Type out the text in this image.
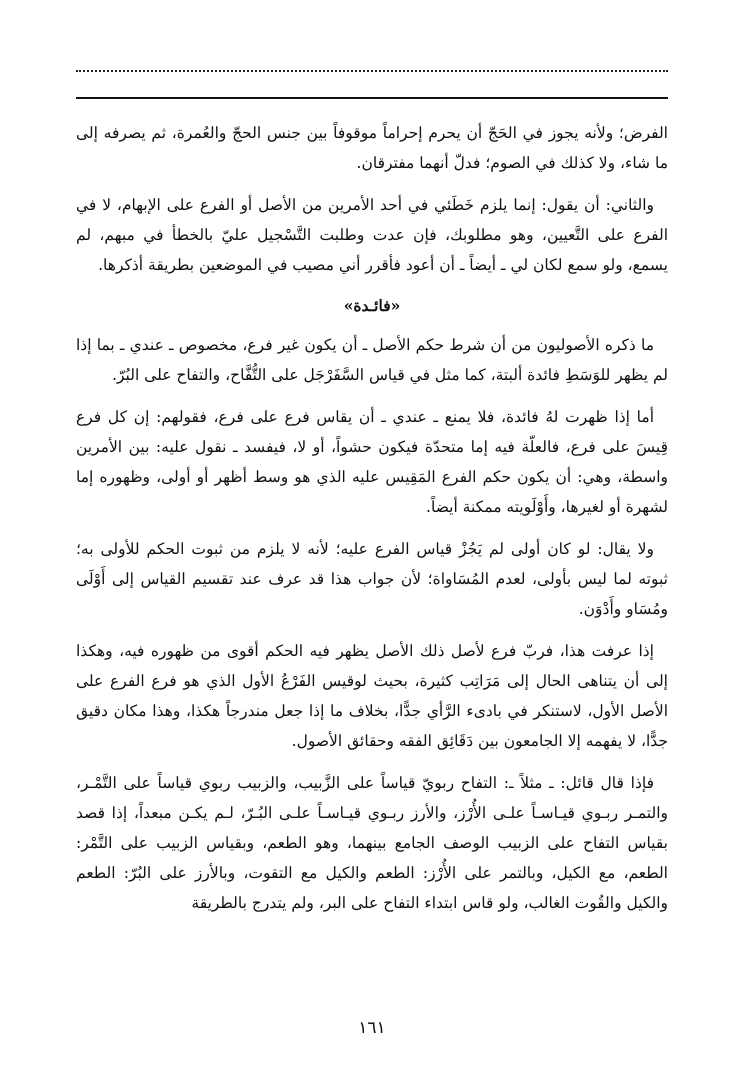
الفرض؛ ولأنه يجوز في الحَجّ أن يحرم إحراماً موقوفاً بين جنس الحجّ والعُمرة، ثم يصرفه إلى ما شاء، ولا كذلك في الصوم؛ فدلّ أنهما مفترقان.

والثاني: أن يقول: إنما يلزم خَطَئي في أحد الأمرين من الأصل أو الفرع على الإبهام، لا في الفرع على التَّعيين، وهو مطلوبك، فإن عدت وطلبت التَّسْجيل عليّ بالخطأ في مبهم، لم يسمع، ولو سمع لكان لي ـ أيضاً ـ أن أعود فأقرر أني مصيب في الموضعين بطريقة أذكرها.

«فائـدة»

ما ذكره الأصوليون من أن شرط حكم الأصل ـ أن يكون غير فرع، مخصوص ـ عندي ـ بما إذا لم يظهر للوَسَطِ فائدة ألبتة، كما مثل في قياس السَّفَرْجَل على التُّفَّاح، والتفاح على البُرّ.

أما إذا ظهرت لهُ فائدة، فلا يمنع ـ عندي ـ أن يقاس فرع على فرع، فقولهم: إن كل فرع قِيسَ على فرع، فالعلّة فيه إما متحدّة فيكون حشواً، أو لا، فيفسد ـ نقول عليه: بين الأمرين واسطة، وهي: أن يكون حكم الفرع المَقِيس عليه الذي هو وسط أظهر أو أولى، وظهوره إما لشهرة أو لغيرها، وأَوْلَويته ممكنة أيضاً.

ولا يقال: لو كان أولى لم يَجُزْ قياس الفرع عليه؛ لأنه لا يلزم من ثبوت الحكم للأولى به؛ ثبوته لما ليس بأولى، لعدم المُسَاواة؛ لأن جواب هذا قد عرف عند تقسيم القياس إلى أَوْلَى ومُسَاو وأَدْوَن.

إذا عرفت هذا، فربّ فرع لأصل ذلك الأصل يظهر فيه الحكم أقوى من ظهوره فيه، وهكذا إلى أن يتناهى الحال إلى مَرَاتِب كثيرة، بحيث لوقيس الفَرْعُ الأول الذي هو فرع الفرع على الأصل الأول، لاستنكر في بادىء الرَّأي جدًّا، بخلاف ما إذا جعل مندرجاً هكذا، وهذا مكان دقيق جدًّا، لا يفهمه إلا الجامعون بين دَقَائِق الفقه وحقائق الأصول.

فإذا قال قائل: ـ مثلاً ـ: التفاح ربويّ قياساً على الزَّبيب، والزبيب ربوي قياساً على التَّمْـر، والتمـر ربـوي قيـاسـاً علـى الأُرْز، والأرز ربـوي قيـاسـاً علـى البُـرّ، لـم يكـن مبعداً، إذا قصد بقياس التفاح على الزبيب الوصف الجامع بينهما، وهو الطعم، وبقياس الزبيب على التَّمْر: الطعم، مع الكيل، وبالتمر على الأُرْز: الطعم والكيل مع التقوت، وبالأرز على البُرّ: الطعم والكيل والقُوت الغالب، ولو قاس ابتداء التفاح على البر، ولم يتدرج بالطريقة

١٦١
